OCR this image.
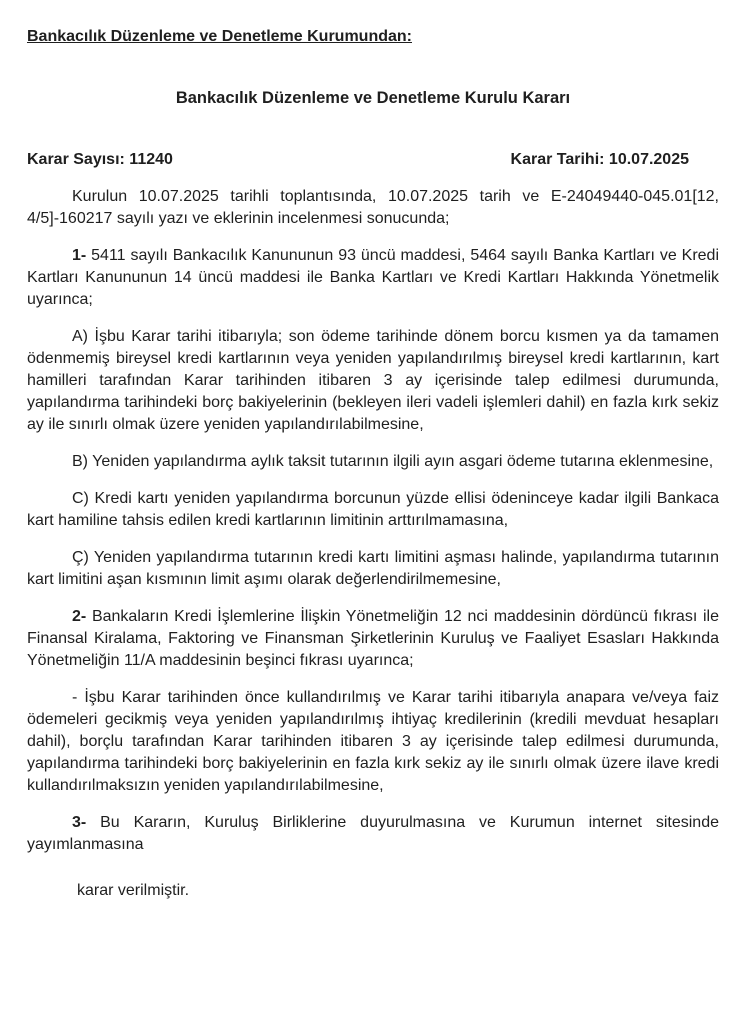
Bankacılık Düzenleme ve Denetleme Kurumundan:
Bankacılık Düzenleme ve Denetleme Kurulu Kararı
Karar Sayısı: 11240	Karar Tarihi: 10.07.2025

Kurulun 10.07.2025 tarihli toplantısında, 10.07.2025 tarih ve E-24049440-045.01[12, 4/5]-160217 sayılı yazı ve eklerinin incelenmesi sonucunda;

1- 5411 sayılı Bankacılık Kanununun 93 üncü maddesi, 5464 sayılı Banka Kartları ve Kredi Kartları Kanununun 14 üncü maddesi ile Banka Kartları ve Kredi Kartları Hakkında Yönetmelik uyarınca;

A) İşbu Karar tarihi itibarıyla; son ödeme tarihinde dönem borcu kısmen ya da tamamen ödenmemiş bireysel kredi kartlarının veya yeniden yapılandırılmış bireysel kredi kartlarının, kart hamilleri tarafından Karar tarihinden itibaren 3 ay içerisinde talep edilmesi durumunda, yapılandırma tarihindeki borç bakiyelerinin (bekleyen ileri vadeli işlemleri dahil) en fazla kırk sekiz ay ile sınırlı olmak üzere yeniden yapılandırılabilmesine,

B) Yeniden yapılandırma aylık taksit tutarının ilgili ayın asgari ödeme tutarına eklenmesine,

C) Kredi kartı yeniden yapılandırma borcunun yüzde ellisi ödeninceye kadar ilgili Bankaca kart hamiline tahsis edilen kredi kartlarının limitinin arttırılmamasına,

Ç) Yeniden yapılandırma tutarının kredi kartı limitini aşması halinde, yapılandırma tutarının kart limitini aşan kısmının limit aşımı olarak değerlendirilmemesine,

2- Bankaların Kredi İşlemlerine İlişkin Yönetmeliğin 12 nci maddesinin dördüncü fıkrası ile Finansal Kiralama, Faktoring ve Finansman Şirketlerinin Kuruluş ve Faaliyet Esasları Hakkında Yönetmeliğin 11/A maddesinin beşinci fıkrası uyarınca;

- İşbu Karar tarihinden önce kullandırılmış ve Karar tarihi itibarıyla anapara ve/veya faiz ödemeleri gecikmiş veya yeniden yapılandırılmış ihtiyaç kredilerinin (kredili mevduat hesapları dahil), borçlu tarafından Karar tarihinden itibaren 3 ay içerisinde talep edilmesi durumunda, yapılandırma tarihindeki borç bakiyelerinin en fazla kırk sekiz ay ile sınırlı olmak üzere ilave kredi kullandırılmaksızın yeniden yapılandırılabilmesine,

3- Bu Kararın, Kuruluş Birliklerine duyurulmasına ve Kurumun internet sitesinde yayımlanmasına

karar verilmiştir.
